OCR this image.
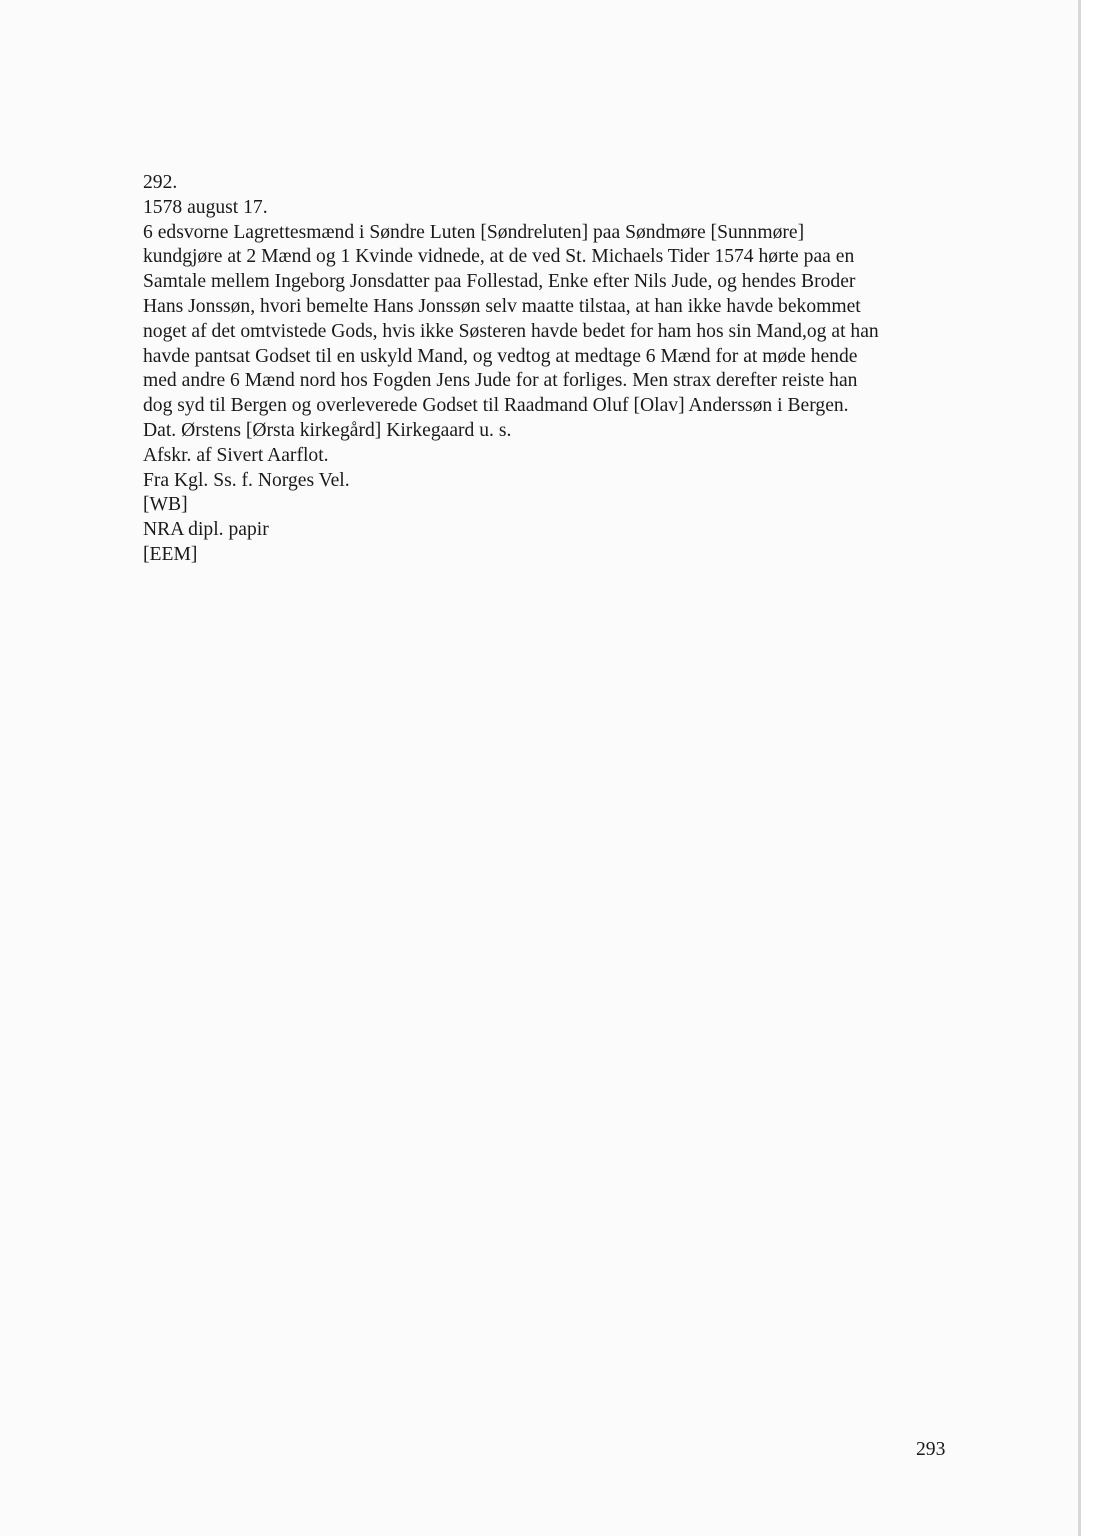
292.
1578 august 17.
6 edsvorne Lagrettesmænd i Søndre Luten [Søndreluten] paa Søndmøre [Sunnmøre]
kundgjøre at 2 Mænd og 1 Kvinde vidnede, at de ved St. Michaels Tider 1574 hørte paa en
Samtale mellem Ingeborg Jonsdatter paa Follestad, Enke efter Nils Jude, og hendes Broder
Hans Jonssøn, hvori bemelte Hans Jonssøn selv maatte tilstaa, at han ikke havde bekommet
noget af det omtvistede Gods, hvis ikke Søsteren havde bedet for ham hos sin Mand,og at han
havde pantsat Godset til en uskyld Mand, og vedtog at medtage 6 Mænd for at møde hende
med andre 6 Mænd nord hos Fogden Jens Jude for at forliges. Men strax derefter reiste han
dog syd til Bergen og overleverede Godset til Raadmand Oluf [Olav] Anderssøn i Bergen.
Dat. Ørstens [Ørsta kirkegård] Kirkegaard u. s.
Afskr. af Sivert Aarflot.
Fra Kgl. Ss. f. Norges Vel.
[WB]
NRA dipl. papir
[EEM]
293
